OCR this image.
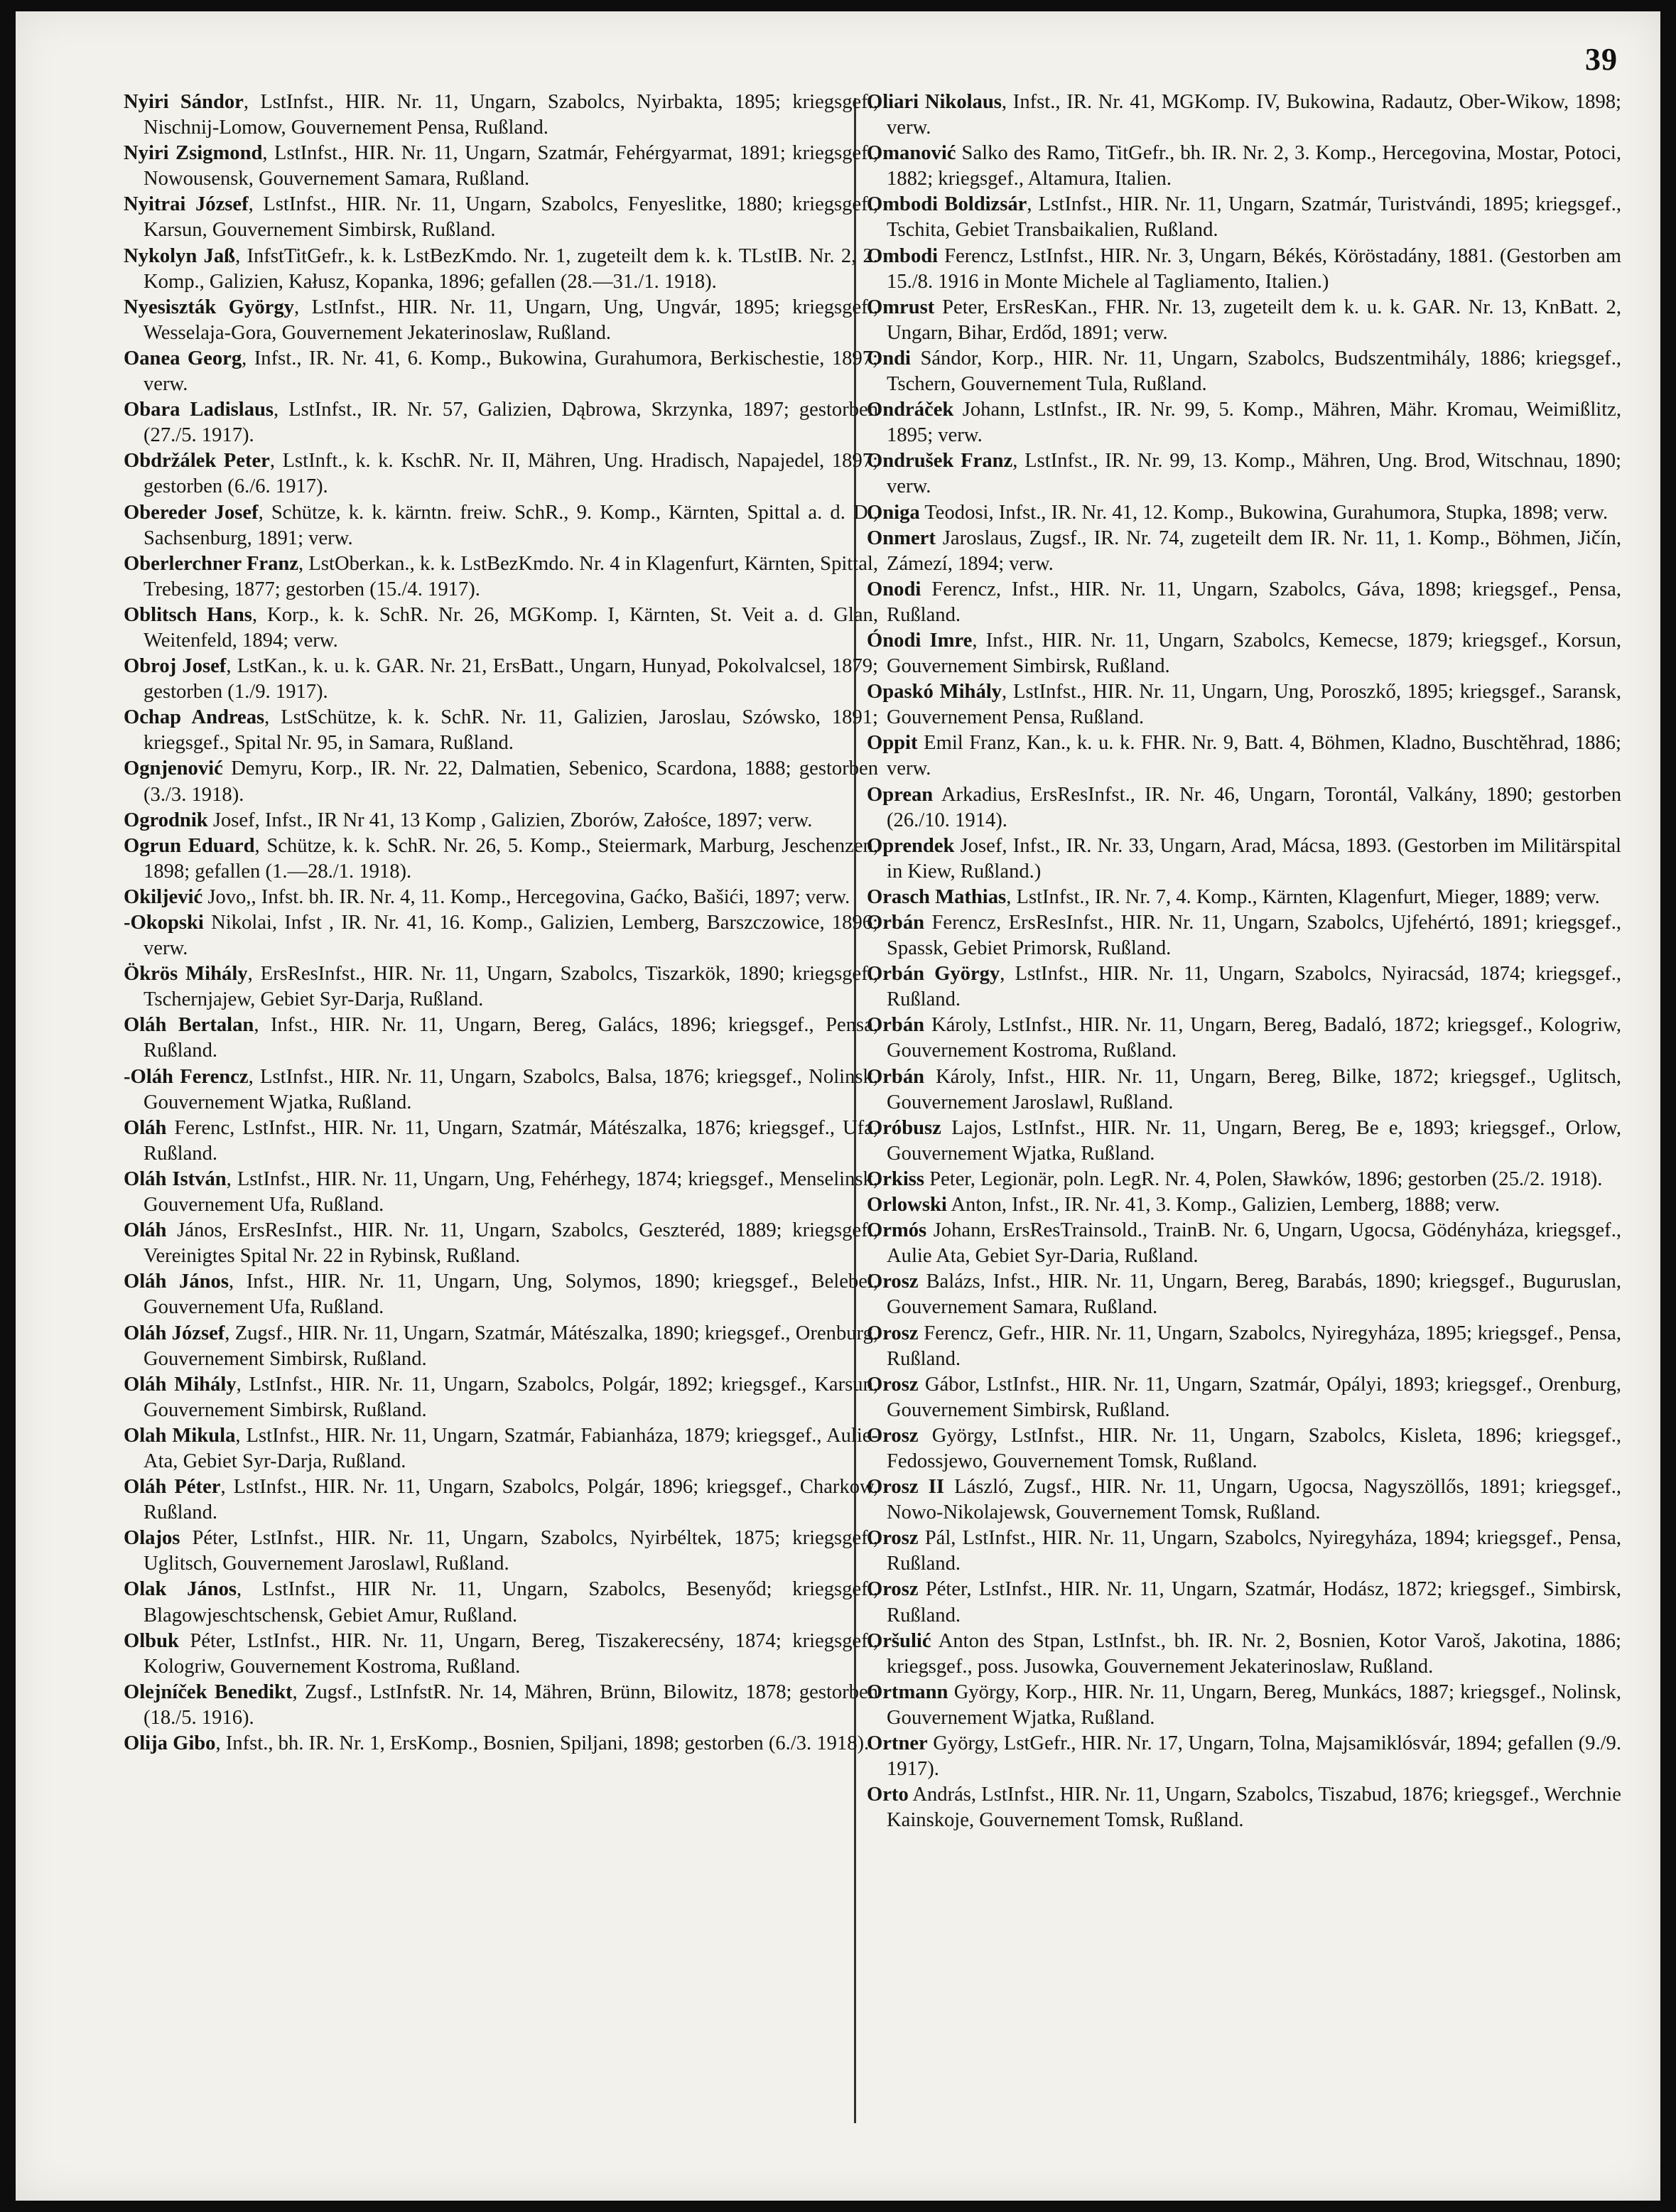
39

Nyiri Sándor, LstInfst., HIR. Nr. 11, Ungarn, Szabolcs, Nyirbakta, 1895; kriegsgef., Nischnij-Lomow, Gouvernement Pensa, Rußland.

Nyiri Zsigmond, LstInfst., HIR. Nr. 11, Ungarn, Szatmár, Fehérgyarmat, 1891; kriegsgef., Nowousensk, Gouvernement Samara, Rußland.

Nyitrai József, LstInfst., HIR. Nr. 11, Ungarn, Szabolcs, Fenyeslitke, 1880; kriegsgef., Karsun, Gouvernement Simbirsk, Rußland.

Nykolyn Jaß, InfstTitGefr., k. k. LstBezKmdo. Nr. 1, zugeteilt dem k. k. TLstIB. Nr. 2, 2. Komp., Galizien, Kałusz, Kopanka, 1896; gefallen (28.—31./1. 1918).

Nyesiszták György, LstInfst., HIR. Nr. 11, Ungarn, Ung, Ungvár, 1895; kriegsgef., Wesselaja-Gora, Gouvernement Jekaterinoslaw, Rußland.

Oanea Georg, Infst., IR. Nr. 41, 6. Komp., Bukowina, Gurahumora, Berkischestie, 1897; verw.

Obara Ladislaus, LstInfst., IR. Nr. 57, Galizien, Dąbrowa, Skrzynka, 1897; gestorben (27./5. 1917).

Obdržálek Peter, LstInft., k. k. KschR. Nr. II, Mähren, Ung. Hradisch, Napajedel, 1897; gestorben (6./6. 1917).

Obereder Josef, Schütze, k. k. kärntn. freiw. SchR., 9. Komp., Kärnten, Spittal a. d. D., Sachsenburg, 1891; verw.

Oberlerchner Franz, LstOberkan., k. k. LstBezKmdo. Nr. 4 in Klagenfurt, Kärnten, Spittal, Trebesing, 1877; gestorben (15./4. 1917).

Oblitsch Hans, Korp., k. k. SchR. Nr. 26, MGKomp. I, Kärnten, St. Veit a. d. Glan, Weitenfeld, 1894; verw.

Obroj Josef, LstKan., k. u. k. GAR. Nr. 21, ErsBatt., Ungarn, Hunyad, Pokolvalcsel, 1879; gestorben (1./9. 1917).

Ochap Andreas, LstSchütze, k. k. SchR. Nr. 11, Galizien, Jaroslau, Szówsko, 1891; kriegsgef., Spital Nr. 95, in Samara, Rußland.

Ognjenović Demyru, Korp., IR. Nr. 22, Dalmatien, Sebenico, Scardona, 1888; gestorben (3./3. 1918).

Ogrodnik Josef, Infst., IR Nr 41, 13 Komp , Galizien, Zborów, Załośce, 1897; verw.

Ogrun Eduard, Schütze, k. k. SchR. Nr. 26, 5. Komp., Steiermark, Marburg, Jeschenzen, 1898; gefallen (1.—28./1. 1918).

Okiljević Jovo,, Infst. bh. IR. Nr. 4, 11. Komp., Hercegovina, Gaćko, Bašići, 1897; verw.

-Okopski Nikolai, Infst , IR. Nr. 41, 16. Komp., Galizien, Lemberg, Barszczowice, 1896; verw.

Ökrös Mihály, ErsResInfst., HIR. Nr. 11, Ungarn, Szabolcs, Tiszarkök, 1890; kriegsgef., Tschernjajew, Gebiet Syr-Darja, Rußland.

Oláh Bertalan, Infst., HIR. Nr. 11, Ungarn, Bereg, Galács, 1896; kriegsgef., Pensa, Rußland.

-Oláh Ferencz, LstInfst., HIR. Nr. 11, Ungarn, Szabolcs, Balsa, 1876; kriegsgef., Nolinsk, Gouvernement Wjatka, Rußland.

Oláh Ferenc, LstInfst., HIR. Nr. 11, Ungarn, Szatmár, Mátészalka, 1876; kriegsgef., Ufa, Rußland.

Oláh István, LstInfst., HIR. Nr. 11, Ungarn, Ung, Fehérhegy, 1874; kriegsgef., Menselinsk, Gouvernement Ufa, Rußland.

Oláh János, ErsResInfst., HIR. Nr. 11, Ungarn, Szabolcs, Geszteréd, 1889; kriegsgef., Vereinigtes Spital Nr. 22 in Rybinsk, Rußland.

Oláh János, Infst., HIR. Nr. 11, Ungarn, Ung, Solymos, 1890; kriegsgef., Belebei, Gouvernement Ufa, Rußland.

Oláh József, Zugsf., HIR. Nr. 11, Ungarn, Szatmár, Mátészalka, 1890; kriegsgef., Orenburg, Gouvernement Simbirsk, Rußland.

Oláh Mihály, LstInfst., HIR. Nr. 11, Ungarn, Szabolcs, Polgár, 1892; kriegsgef., Karsun, Gouvernement Simbirsk, Rußland.

Olah Mikula, LstInfst., HIR. Nr. 11, Ungarn, Szatmár, Fabianháza, 1879; kriegsgef., Aulie-Ata, Gebiet Syr-Darja, Rußland.

Oláh Péter, LstInfst., HIR. Nr. 11, Ungarn, Szabolcs, Polgár, 1896; kriegsgef., Charkow, Rußland.

Olajos Péter, LstInfst., HIR. Nr. 11, Ungarn, Szabolcs, Nyirbéltek, 1875; kriegsgef., Uglitsch, Gouvernement Jaroslawl, Rußland.

Olak János, LstInfst., HIR Nr. 11, Ungarn, Szabolcs, Besenyőd; kriegsgef., Blagowjeschtschensk, Gebiet Amur, Rußland.

Olbuk Péter, LstInfst., HIR. Nr. 11, Ungarn, Bereg, Tiszakerecsény, 1874; kriegsgef., Kologriw, Gouvernement Kostroma, Rußland.

Olejníček Benedikt, Zugsf., LstInfstR. Nr. 14, Mähren, Brünn, Bilowitz, 1878; gestorben (18./5. 1916).

Olija Gibo, Infst., bh. IR. Nr. 1, ErsKomp., Bosnien, Spiljani, 1898; gestorben (6./3. 1918).

Oliari Nikolaus, Infst., IR. Nr. 41, MGKomp. IV, Bukowina, Radautz, Ober-Wikow, 1898; verw.

Omanović Salko des Ramo, TitGefr., bh. IR. Nr. 2, 3. Komp., Hercegovina, Mostar, Potoci, 1882; kriegsgef., Altamura, Italien.

Ombodi Boldizsár, LstInfst., HIR. Nr. 11, Ungarn, Szatmár, Turistvándi, 1895; kriegsgef., Tschita, Gebiet Transbaikalien, Rußland.

Ombodi Ferencz, LstInfst., HIR. Nr. 3, Ungarn, Békés, Köröstadány, 1881. (Gestorben am 15./8. 1916 in Monte Michele al Tagliamento, Italien.)

Omrust Peter, ErsResKan., FHR. Nr. 13, zugeteilt dem k. u. k. GAR. Nr. 13, KnBatt. 2, Ungarn, Bihar, Erdőd, 1891; verw.

Ondi Sándor, Korp., HIR. Nr. 11, Ungarn, Szabolcs, Budszentmihály, 1886; kriegsgef., Tschern, Gouvernement Tula, Rußland.

Ondráček Johann, LstInfst., IR. Nr. 99, 5. Komp., Mähren, Mähr. Kromau, Weimißlitz, 1895; verw.

Ondrušek Franz, LstInfst., IR. Nr. 99, 13. Komp., Mähren, Ung. Brod, Witschnau, 1890; verw.

Oniga Teodosi, Infst., IR. Nr. 41, 12. Komp., Bukowina, Gurahumora, Stupka, 1898; verw.

Onmert Jaroslaus, Zugsf., IR. Nr. 74, zugeteilt dem IR. Nr. 11, 1. Komp., Böhmen, Jičín, Zámezí, 1894; verw.

Onodi Ferencz, Infst., HIR. Nr. 11, Ungarn, Szabolcs, Gáva, 1898; kriegsgef., Pensa, Rußland.

Ónodi Imre, Infst., HIR. Nr. 11, Ungarn, Szabolcs, Kemecse, 1879; kriegsgef., Korsun, Gouvernement Simbirsk, Rußland.

Opaskó Mihály, LstInfst., HIR. Nr. 11, Ungarn, Ung, Poroszkő, 1895; kriegsgef., Saransk, Gouvernement Pensa, Rußland.

Oppit Emil Franz, Kan., k. u. k. FHR. Nr. 9, Batt. 4, Böhmen, Kladno, Buschtěhrad, 1886; verw.

Oprean Arkadius, ErsResInfst., IR. Nr. 46, Ungarn, Torontál, Valkány, 1890; gestorben (26./10. 1914).

Oprendek Josef, Infst., IR. Nr. 33, Ungarn, Arad, Mácsa, 1893. (Gestorben im Militärspital in Kiew, Rußland.)

Orasch Mathias, LstInfst., IR. Nr. 7, 4. Komp., Kärnten, Klagenfurt, Mieger, 1889; verw.

Orbán Ferencz, ErsResInfst., HIR. Nr. 11, Ungarn, Szabolcs, Ujfehértó, 1891; kriegsgef., Spassk, Gebiet Primorsk, Rußland.

Orbán György, LstInfst., HIR. Nr. 11, Ungarn, Szabolcs, Nyiracsád, 1874; kriegsgef., Rußland.

Orbán Károly, LstInfst., HIR. Nr. 11, Ungarn, Bereg, Badaló, 1872; kriegsgef., Kologriw, Gouvernement Kostroma, Rußland.

Orbán Károly, Infst., HIR. Nr. 11, Ungarn, Bereg, Bilke, 1872; kriegsgef., Uglitsch, Gouvernement Jaroslawl, Rußland.

Oróbusz Lajos, LstInfst., HIR. Nr. 11, Ungarn, Bereg, Be e, 1893; kriegsgef., Orlow, Gouvernement Wjatka, Rußland.

Orkiss Peter, Legionär, poln. LegR. Nr. 4, Polen, Sławków, 1896; gestorben (25./2. 1918).

Orlowski Anton, Infst., IR. Nr. 41, 3. Komp., Galizien, Lemberg, 1888; verw.

Ormós Johann, ErsResTrainsold., TrainB. Nr. 6, Ungarn, Ugocsa, Gödényháza, kriegsgef., Aulie Ata, Gebiet Syr-Daria, Rußland.

Orosz Balázs, Infst., HIR. Nr. 11, Ungarn, Bereg, Barabás, 1890; kriegsgef., Buguruslan, Gouvernement Samara, Rußland.

Orosz Ferencz, Gefr., HIR. Nr. 11, Ungarn, Szabolcs, Nyiregyháza, 1895; kriegsgef., Pensa, Rußland.

Orosz Gábor, LstInfst., HIR. Nr. 11, Ungarn, Szatmár, Opályi, 1893; kriegsgef., Orenburg, Gouvernement Simbirsk, Rußland.

Orosz György, LstInfst., HIR. Nr. 11, Ungarn, Szabolcs, Kisleta, 1896; kriegsgef., Fedossjewo, Gouvernement Tomsk, Rußland.

Orosz II László, Zugsf., HIR. Nr. 11, Ungarn, Ugocsa, Nagyszöllős, 1891; kriegsgef., Nowo-Nikolajewsk, Gouvernement Tomsk, Rußland.

Orosz Pál, LstInfst., HIR. Nr. 11, Ungarn, Szabolcs, Nyiregyháza, 1894; kriegsgef., Pensa, Rußland.

Orosz Péter, LstInfst., HIR. Nr. 11, Ungarn, Szatmár, Hodász, 1872; kriegsgef., Simbirsk, Rußland.

Oršulić Anton des Stpan, LstInfst., bh. IR. Nr. 2, Bosnien, Kotor Varoš, Jakotina, 1886; kriegsgef., poss. Jusowka, Gouvernement Jekaterinoslaw, Rußland.

Ortmann György, Korp., HIR. Nr. 11, Ungarn, Bereg, Munkács, 1887; kriegsgef., Nolinsk, Gouvernement Wjatka, Rußland.

Ortner György, LstGefr., HIR. Nr. 17, Ungarn, Tolna, Majsamiklósvár, 1894; gefallen (9./9. 1917).

Orto András, LstInfst., HIR. Nr. 11, Ungarn, Szabolcs, Tiszabud, 1876; kriegsgef., Werchnie Kainskoje, Gouvernement Tomsk, Rußland.
